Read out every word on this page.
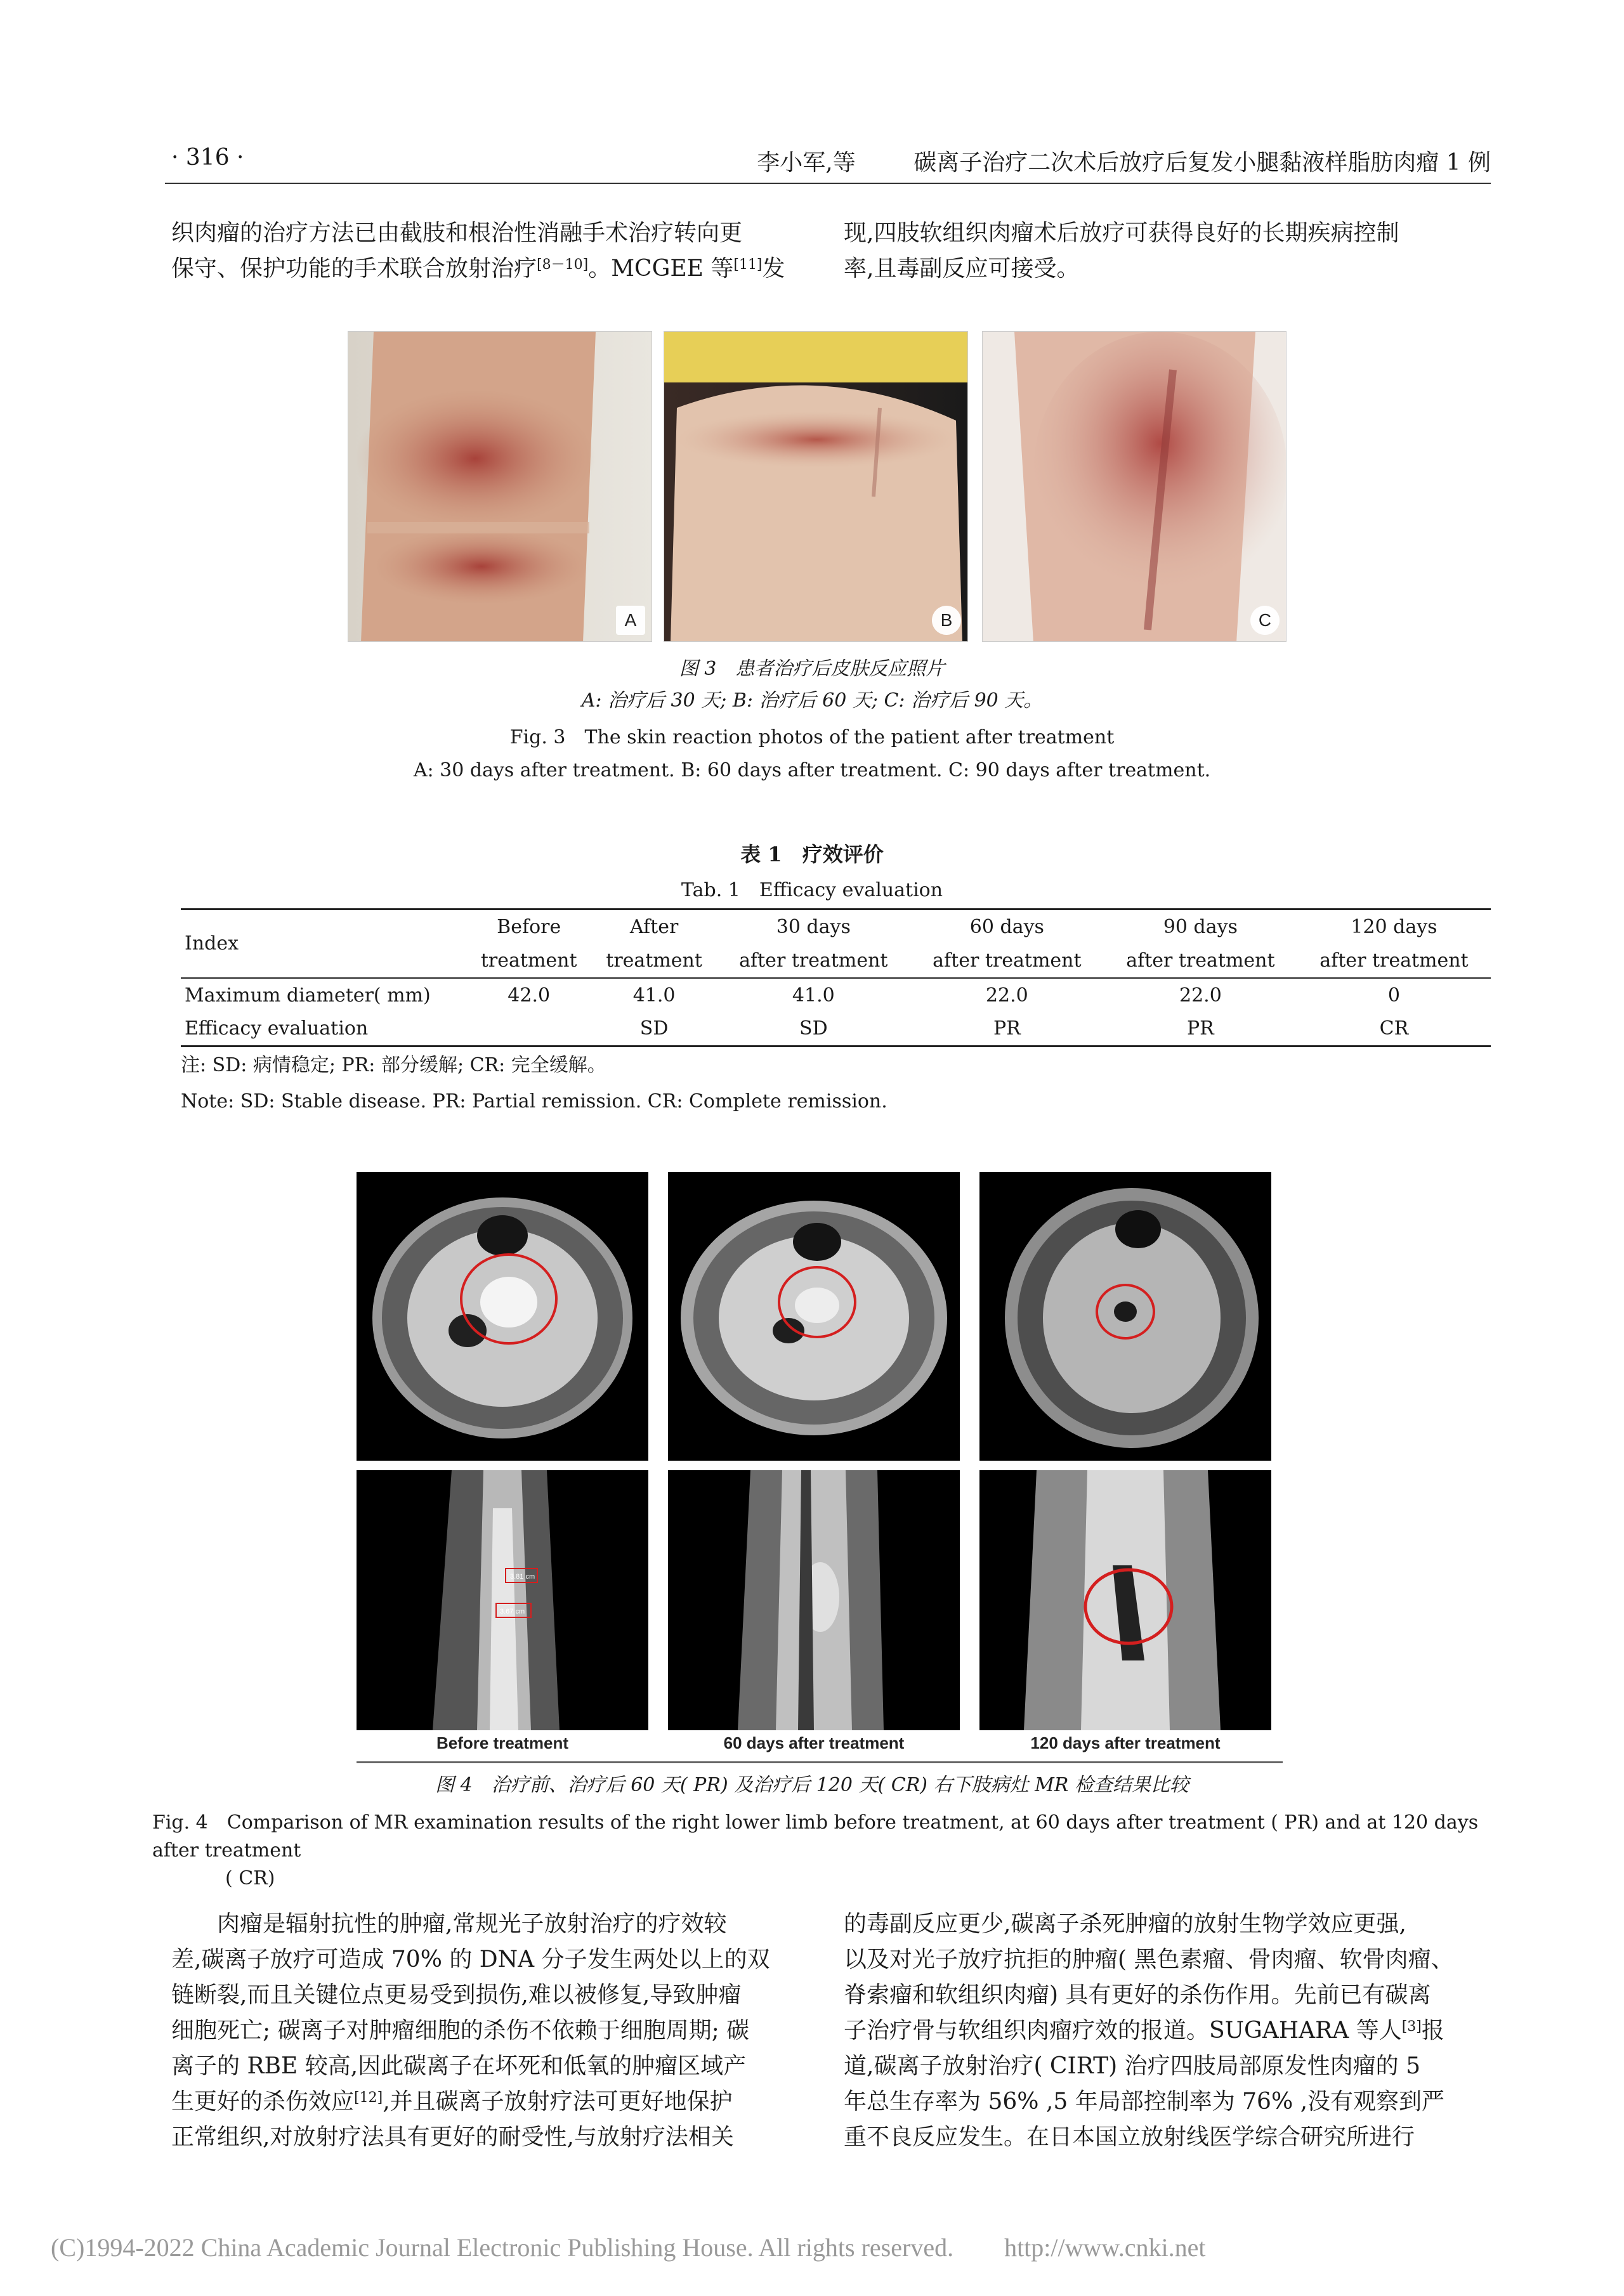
· 316 ·	李小军,等	碳离子治疗二次术后放疗后复发小腿黏液样脂肪肉瘤 1 例
织肉瘤的治疗方法已由截肢和根治性消融手术治疗转向更
保守、保护功能的手术联合放射治疗[8－10]。MCGEE 等[11]发
现,四肢软组织肉瘤术后放疗可获得良好的长期疾病控制
率,且毒副反应可接受。
A	B	C
图 3　患者治疗后皮肤反应照片
A: 治疗后 30 天; B: 治疗后 60 天; C: 治疗后 90 天。
Fig. 3　The skin reaction photos of the patient after treatment
A: 30 days after treatment. B: 60 days after treatment. C: 90 days after treatment.
表 1　疗效评价
Tab. 1　Efficacy evaluation
Index	Before	After	30 days	60 days	90 days	120 days
	treatment	treatment	after treatment	after treatment	after treatment	after treatment
Maximum diameter( mm)	42.0	41.0	41.0	22.0	22.0	0
Efficacy evaluation		SD	SD	PR	PR	CR
注: SD: 病情稳定; PR: 部分缓解; CR: 完全缓解。
Note: SD: Stable disease. PR: Partial remission. CR: Complete remission.
3.81 cm
3.67 cm
Before treatment	60 days after treatment	120 days after treatment
图 4　治疗前、治疗后 60 天( PR) 及治疗后 120 天( CR) 右下肢病灶 MR 检查结果比较
Fig. 4　Comparison of MR examination results of the right lower limb before treatment, at 60 days after treatment ( PR) and at 120 days after treatment
( CR)
肉瘤是辐射抗性的肿瘤,常规光子放射治疗的疗效较
差,碳离子放疗可造成 70% 的 DNA 分子发生两处以上的双
链断裂,而且关键位点更易受到损伤,难以被修复,导致肿瘤
细胞死亡; 碳离子对肿瘤细胞的杀伤不依赖于细胞周期; 碳
离子的 RBE 较高,因此碳离子在坏死和低氧的肿瘤区域产
生更好的杀伤效应[12],并且碳离子放射疗法可更好地保护
正常组织,对放射疗法具有更好的耐受性,与放射疗法相关
的毒副反应更少,碳离子杀死肿瘤的放射生物学效应更强,
以及对光子放疗抗拒的肿瘤( 黑色素瘤、骨肉瘤、软骨肉瘤、
脊索瘤和软组织肉瘤) 具有更好的杀伤作用。先前已有碳离
子治疗骨与软组织肉瘤疗效的报道。SUGAHARA 等人[3]报
道,碳离子放射治疗( CIRT) 治疗四肢局部原发性肉瘤的 5
年总生存率为 56% ,5 年局部控制率为 76% ,没有观察到严
重不良反应发生。在日本国立放射线医学综合研究所进行
(C)1994-2022 China Academic Journal Electronic Publishing House. All rights reserved.　　http://www.cnki.net
